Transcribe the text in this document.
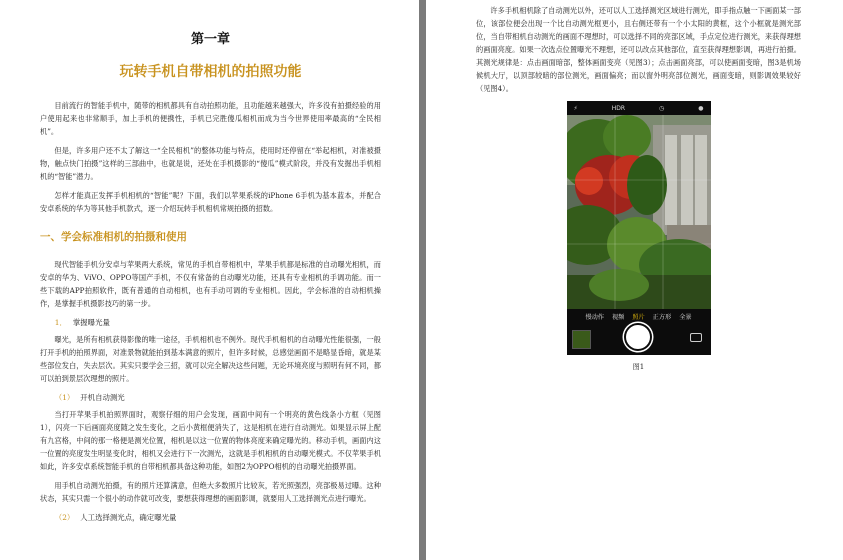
第一章
玩转手机自带相机的拍照功能

目前流行的智能手机中，随带的相机都具有自动拍照功能，且功能越来越强大，许多没有拍摄经验的用户使用起来也非常顺手，加上手机的便携性，手机已完胜傻瓜相机而成为当今世界使用率最高的“全民相机”。

但是，许多用户还不太了解这一“全民相机”的整体功能与特点，使用时还停留在“举起相机，对准被摄物，触点快门拍摄”这样的三部曲中，也就是说，还处在手机摄影的“傻瓜”模式阶段，并没有发掘出手机相机的“智能”潜力。

怎样才能真正发挥手机相机的“智能”呢？下面，我们以苹果系统的iPhone 6手机为基本蓝本，并配合安卓系统的华为等其他手机款式，逐一介绍玩转手机相机常规拍摄的招数。

一、学会标准相机的拍摄和使用

现代智能手机分安卓与苹果两大系统，常见的手机自带相机中，苹果手机都是标准的自动曝光相机，而安卓的华为、ViVO、OPPO等国产手机，不仅有常备的自动曝光功能，还具有专业相机的手调功能。而一些下载的APP拍照软件，既有普通的自动相机，也有手动可调的专业相机。因此，学会标准的自动相机操作，是掌握手机摄影技巧的第一步。

1． 掌握曝光量

曝光，是所有相机获得影像的唯一途径，手机相机也不例外。现代手机相机的自动曝光性能很强，一般打开手机的拍照界面，对准景物就能拍到基本满意的照片，但许多时候，总感觉画面不是略显昏暗，就是某些部位发白，失去层次。其实只要学会三招，就可以完全解决这些问题，无论环境亮度与照明有何不同，都可以拍到景层次理想的照片。

（1） 开机自动测光

当打开苹果手机拍照界面时，观察仔细的用户会发现，画面中间有一个明亮的黄色线条小方框（见图1），闪亮一下后画面亮度随之发生变化，之后小黄框便消失了，这是相机在进行自动测光。如果显示屏上配有九宫格，中间的那一格便是测光位置，相机是以这一位置的物体亮度来确定曝光的。移动手机，画面内这一位置的亮度发生明显变化时，相机又会进行下一次测光，这就是手机相机的自动曝光模式。不仅苹果手机如此，许多安卓系统智能手机的自带相机都具备这种功能，如图2为OPPO相机的自动曝光拍摄界面。

用手机自动测光拍摄，有的照片还算满意，但绝大多数照片比较灰，若光照强烈，亮部极易过曝。这种状态，其实只需一个很小的动作就可改变，要想获得理想的画面影调，就要用人工选择测光点进行曝光。

（2） 人工选择测光点，确定曝光量

许多手机相机除了自动测光以外，还可以人工选择测光区域进行测光，即手指点触一下画面某一部位，该部位便会出现一个比自动测光框更小，且右侧还带有一个小太阳的黄框，这个小框就是测光部位，当自带相机自动测光的画面不理想时，可以选择不同的亮部区域，手点定位进行测光，来获得理想的画面亮度。如果一次选点位置曝光不理想，还可以改点其他部位，直至获得理想影调，再进行拍摄。其测光规律是：点击画面暗部，整体画面变亮（见图3）；点击画面亮部，可以使画面变暗，图3是机场候机大厅，以顶部较暗的部位测光，画面偏亮；而以窗外明亮部位测光，画面变暗，则影调效果较好（见图4）。

⚡	HDR	◷	●
慢动作 视频 照片 正方形 全景
图1
